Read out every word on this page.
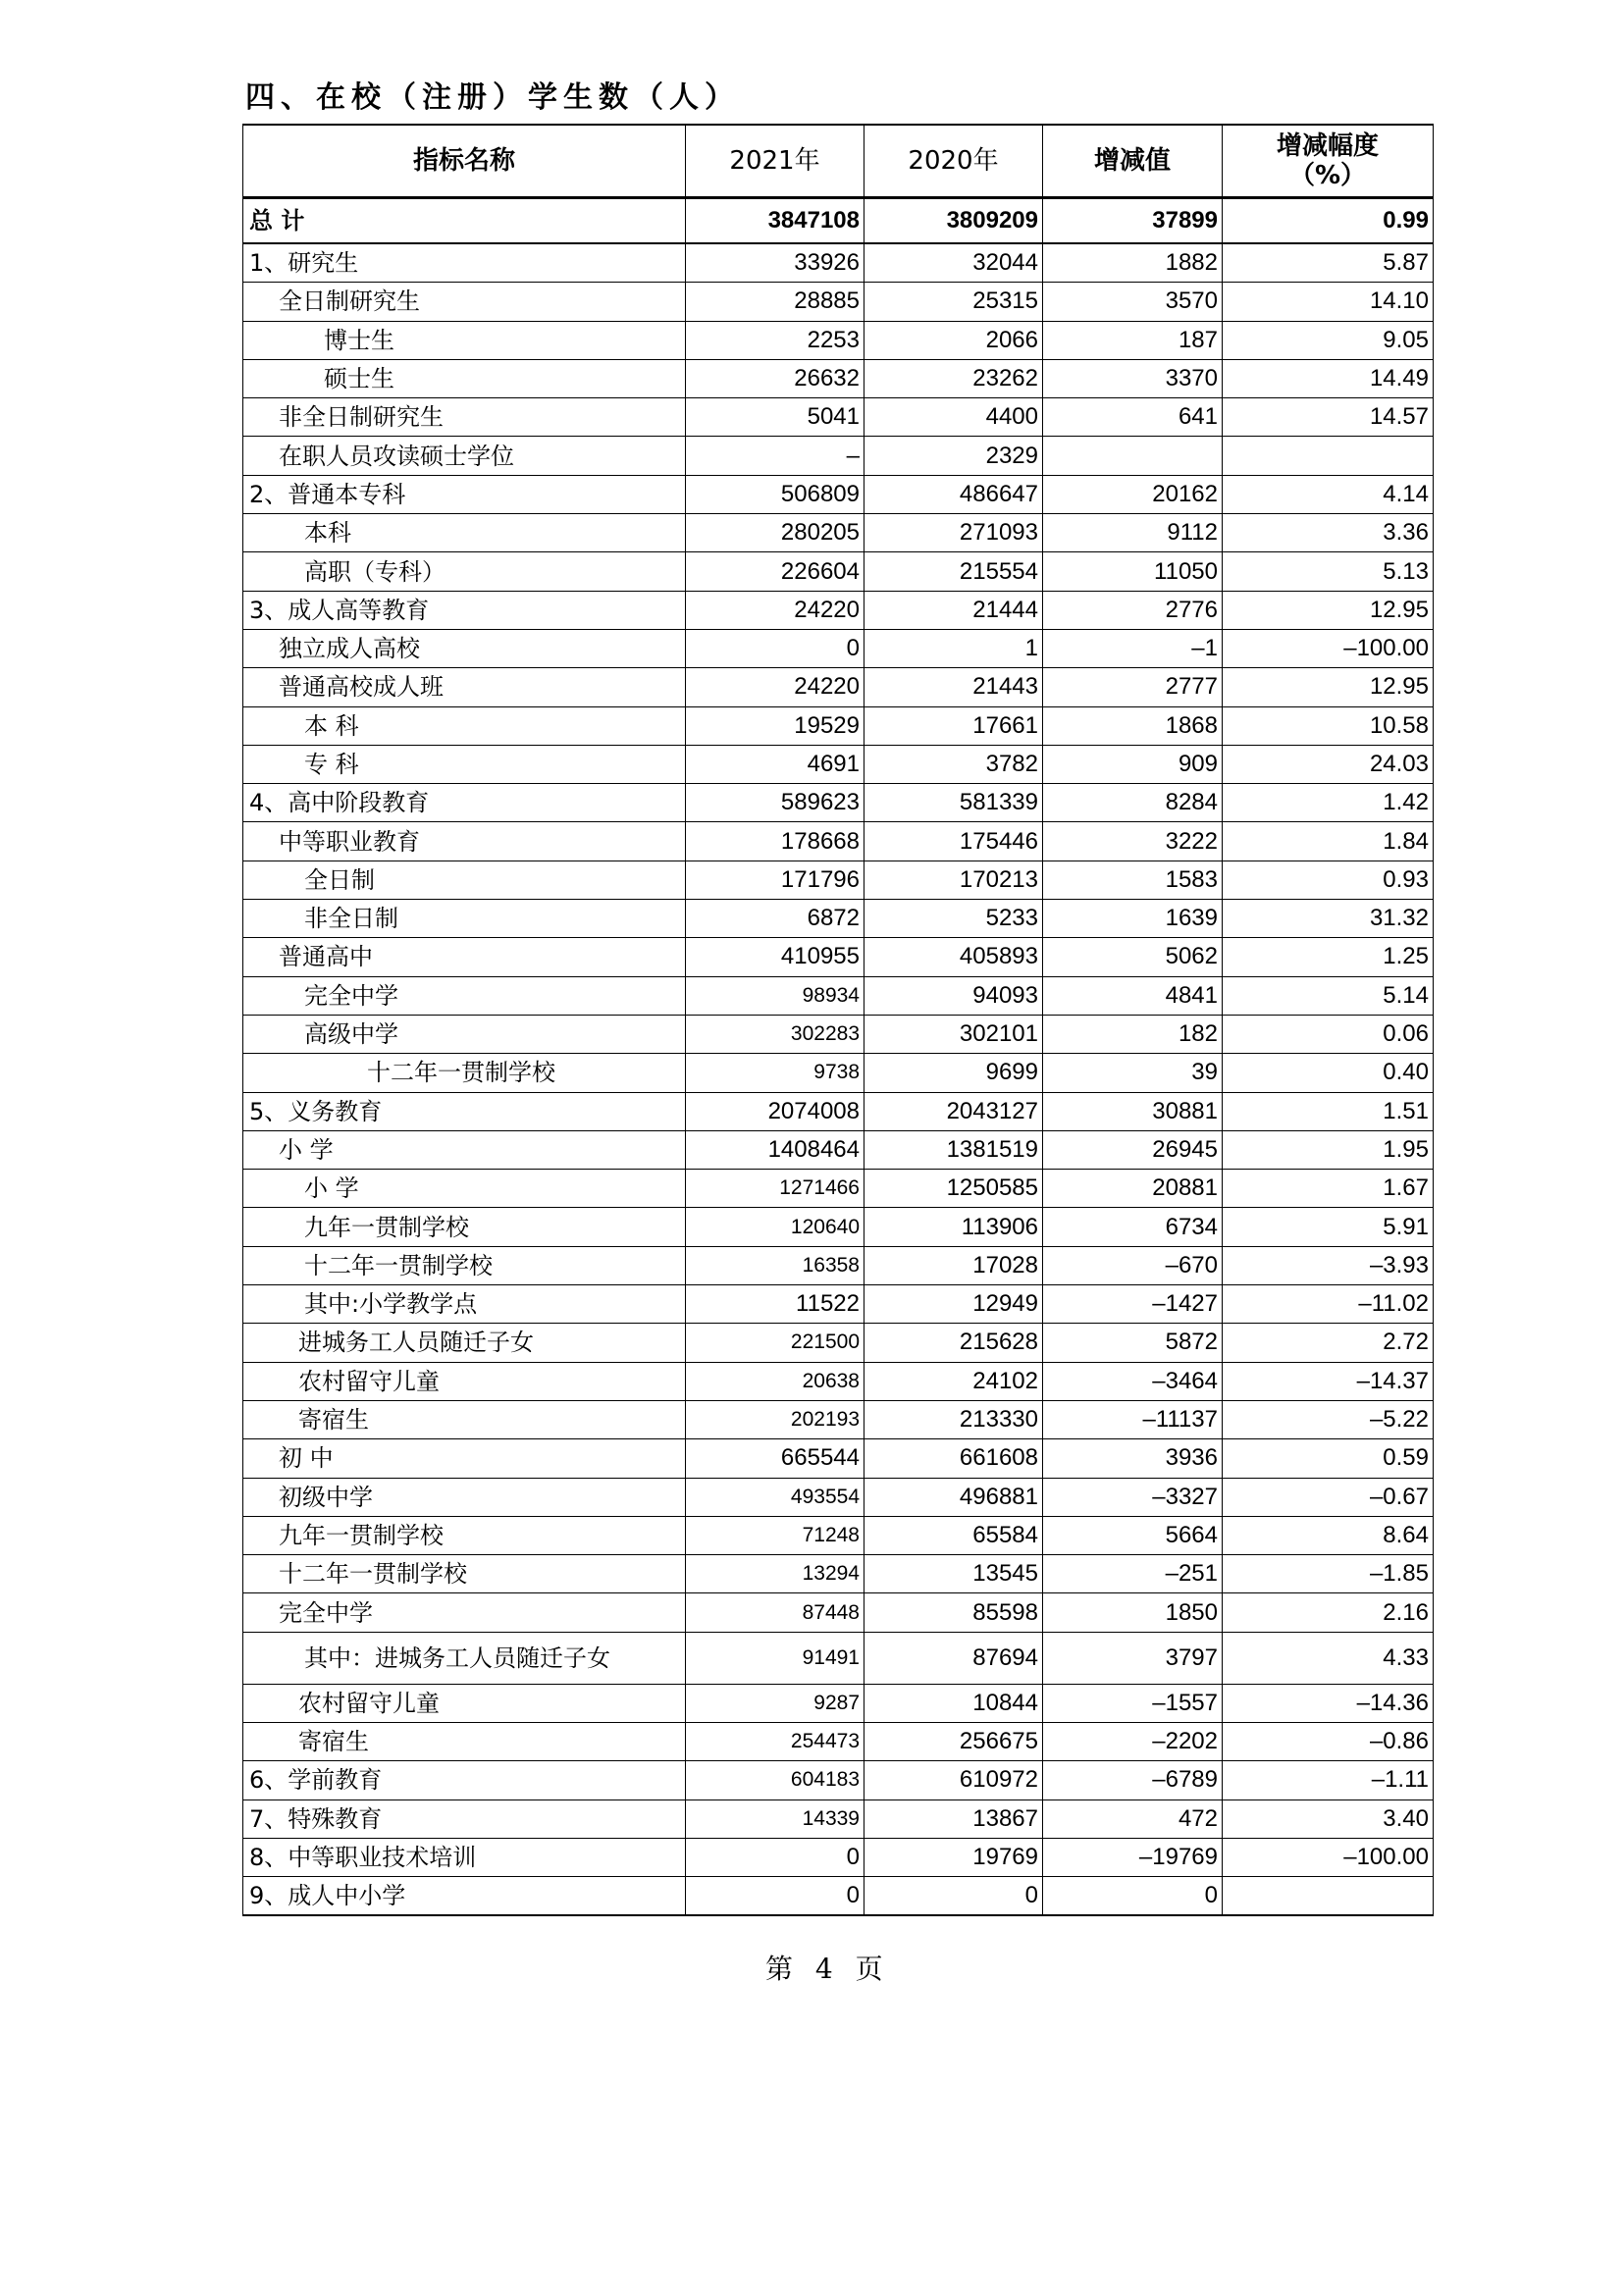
四、在校（注册）学生数（人）
指标名称	2021年	2020年	增减值	增减幅度
（%）
总 计	3847108	3809209	37899	0.99
1、研究生	33926	32044	1882	5.87
全日制研究生	28885	25315	3570	14.10
博士生	2253	2066	187	9.05
硕士生	26632	23262	3370	14.49
非全日制研究生	5041	4400	641	14.57
在职人员攻读硕士学位	–	2329		
2、普通本专科	506809	486647	20162	4.14
本科	280205	271093	9112	3.36
高职（专科）	226604	215554	11050	5.13
3、成人高等教育	24220	21444	2776	12.95
独立成人高校	0	1	–1	–100.00
普通高校成人班	24220	21443	2777	12.95
本 科	19529	17661	1868	10.58
专 科	4691	3782	909	24.03
4、高中阶段教育	589623	581339	8284	1.42
中等职业教育	178668	175446	3222	1.84
全日制	171796	170213	1583	0.93
非全日制	6872	5233	1639	31.32
普通高中	410955	405893	5062	1.25
完全中学	98934	94093	4841	5.14
高级中学	302283	302101	182	0.06
十二年一贯制学校	9738	9699	39	0.40
5、义务教育	2074008	2043127	30881	1.51
小 学	1408464	1381519	26945	1.95
小 学	1271466	1250585	20881	1.67
九年一贯制学校	120640	113906	6734	5.91
十二年一贯制学校	16358	17028	–670	–3.93
其中:小学教学点	11522	12949	–1427	–11.02
进城务工人员随迁子女	221500	215628	5872	2.72
农村留守儿童	20638	24102	–3464	–14.37
寄宿生	202193	213330	–11137	–5.22
初 中	665544	661608	3936	0.59
初级中学	493554	496881	–3327	–0.67
九年一贯制学校	71248	65584	5664	8.64
十二年一贯制学校	13294	13545	–251	–1.85
完全中学	87448	85598	1850	2.16
其中：进城务工人员随迁子女	91491	87694	3797	4.33
农村留守儿童	9287	10844	–1557	–14.36
寄宿生	254473	256675	–2202	–0.86
6、学前教育	604183	610972	–6789	–1.11
7、特殊教育	14339	13867	472	3.40
8、中等职业技术培训	0	19769	–19769	–100.00
9、成人中小学	0	0	0	
第 4 页
